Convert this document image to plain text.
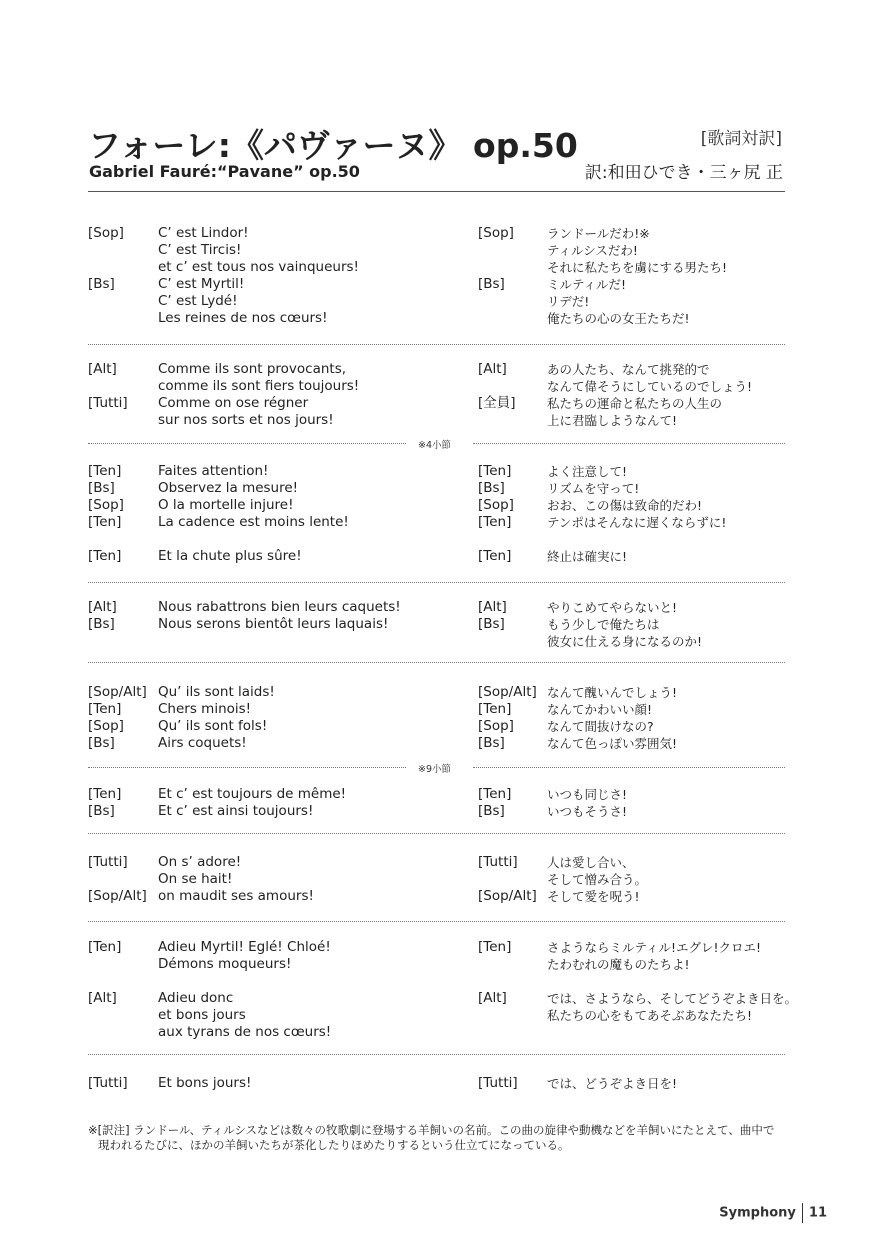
フォーレ:《パヴァーヌ》 op.50
Gabriel Fauré:“Pavane” op.50
[歌詞対訳]
訳:和田ひでき・三ヶ尻 正
[Sop]	C’ est Lindor!	[Sop]	ランドールだわ!※
C’ est Tircis!	ティルシスだわ!
et c’ est tous nos vainqueurs!	それに私たちを虜にする男たち!
[Bs]	C’ est Myrtil!	[Bs]	ミルティルだ!
C’ est Lydé!	リデだ!
Les reines de nos cœurs!	俺たちの心の女王たちだ!
[Alt]	Comme ils sont provocants,	[Alt]	あの人たち、なんて挑発的で
comme ils sont fiers toujours!	なんて偉そうにしているのでしょう!
[Tutti] Comme on ose régner	[全員]	私たちの運命と私たちの人生の
sur nos sorts et nos jours!	上に君臨しようなんて!
[Ten]	Faites attention!	[Ten]	よく注意して!
[Bs]	Observez la mesure!	[Bs]	リズムを守って!
[Sop]	O la mortelle injure!	[Sop]	おお、この傷は致命的だわ!
[Ten]	La cadence est moins lente!	[Ten]	テンポはそんなに遅くならずに!
[Ten]	Et la chute plus sûre!	[Ten]	終止は確実に!
[Alt]	Nous rabattrons bien leurs caquets!	[Alt]	やりこめてやらないと!
[Bs]	Nous serons bientôt leurs laquais!	[Bs]	もう少しで俺たちは
彼女に仕える身になるのか!
[Sop/Alt] Qu’ ils sont laids!	[Sop/Alt] なんて醜いんでしょう!
[Ten]	Chers minois!	[Ten]	なんてかわいい顔!
[Sop]	Qu’ ils sont fols!	[Sop]	なんて間抜けなの?
[Bs]	Airs coquets!	[Bs]	なんて色っぽい雰囲気!
[Ten]	Et c’ est toujours de même!	[Ten]	いつも同じさ!
[Bs]	Et c’ est ainsi toujours!	[Bs]	いつもそうさ!
[Tutti] On s’ adore!	[Tutti] 人は愛し合い、
On se hait!	そして憎み合う。
[Sop/Alt] on maudit ses amours!	[Sop/Alt] そして愛を呪う!
[Ten]	Adieu Myrtil! Eglé! Chloé!	[Ten]	さようならミルティル!エグレ!クロエ!
Démons moqueurs!	たわむれの魔ものたちよ!
[Alt]	Adieu donc	[Alt]	では、さようなら、そしてどうぞよき日を。
et bons jours	私たちの心をもてあそぶあなたたち!
aux tyrans de nos cœurs!
[Tutti] Et bons jours!	[Tutti] では、どうぞよき日を!
※4小節
※9小節
※[訳注] ランドール、ティルシスなどは数々の牧歌劇に登場する羊飼いの名前。この曲の旋律や動機などを羊飼いにたとえて、曲中で
現われるたびに、ほかの羊飼いたちが茶化したりほめたりするという仕立てになっている。
Symphony 11
